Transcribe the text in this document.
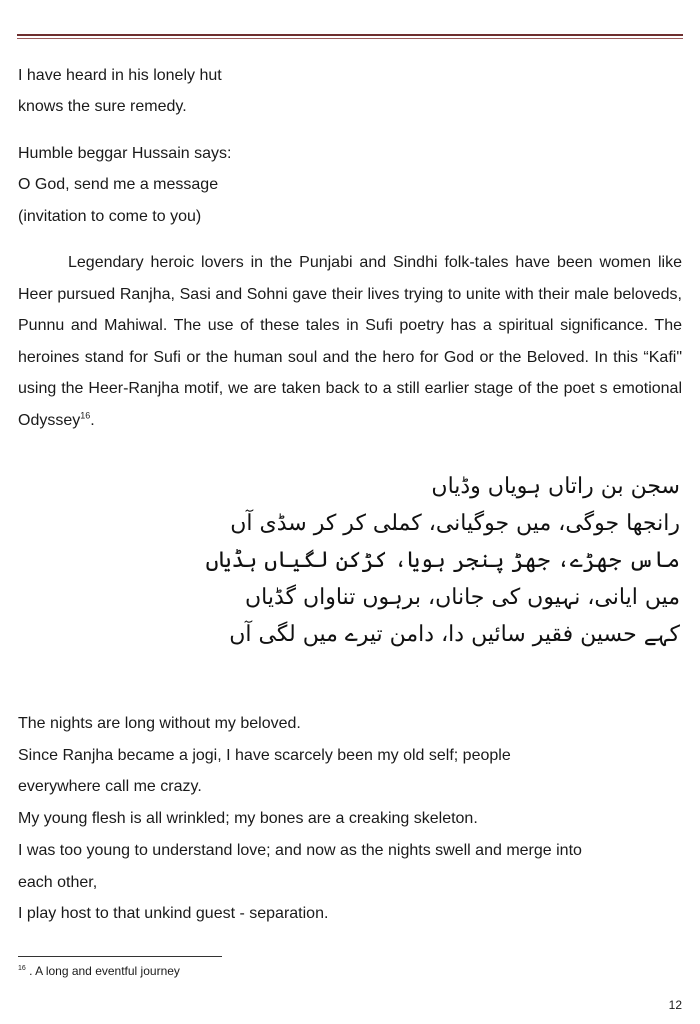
I have heard in his lonely hut
knows the sure remedy.
Humble beggar Hussain says:
O God, send me a message
(invitation to come to you)
Legendary heroic lovers in the Punjabi and Sindhi folk-tales have been women like Heer pursued Ranjha, Sasi and Sohni gave their lives trying to unite with their male beloveds, Punnu and Mahiwal. The use of these tales in Sufi poetry has a spiritual significance. The heroines stand for Sufi or the human soul and the hero for God or the Beloved. In this “Kafi" using the Heer-Ranjha motif, we are taken back to a still earlier stage of the poet s emotional Odyssey$^{16}$.
سجن بن راتاں ہویاں وڈیاں
رانجھا جوگی، میں جوگیانی، کملی کر کر سڈی آں
ماس جھڑے، جھڑ پنجر ہویا، کڑکن لگیاں ہڈیاں
میں ایانی، نہیوں کی جاناں، برہوں تناواں گڈیاں
کہے حسین فقیر سائیں دا، دامن تیرے میں لگی آں
The nights are long without my beloved.
Since Ranjha became a jogi, I have scarcely been my old self; people
everywhere call me crazy.
My young flesh is all wrinkled; my bones are a creaking skeleton.
I was too young to understand love; and now as the nights swell and merge into
each other,
I play host to that unkind guest - separation.
$^{16}$ . A long and eventful journey
12
